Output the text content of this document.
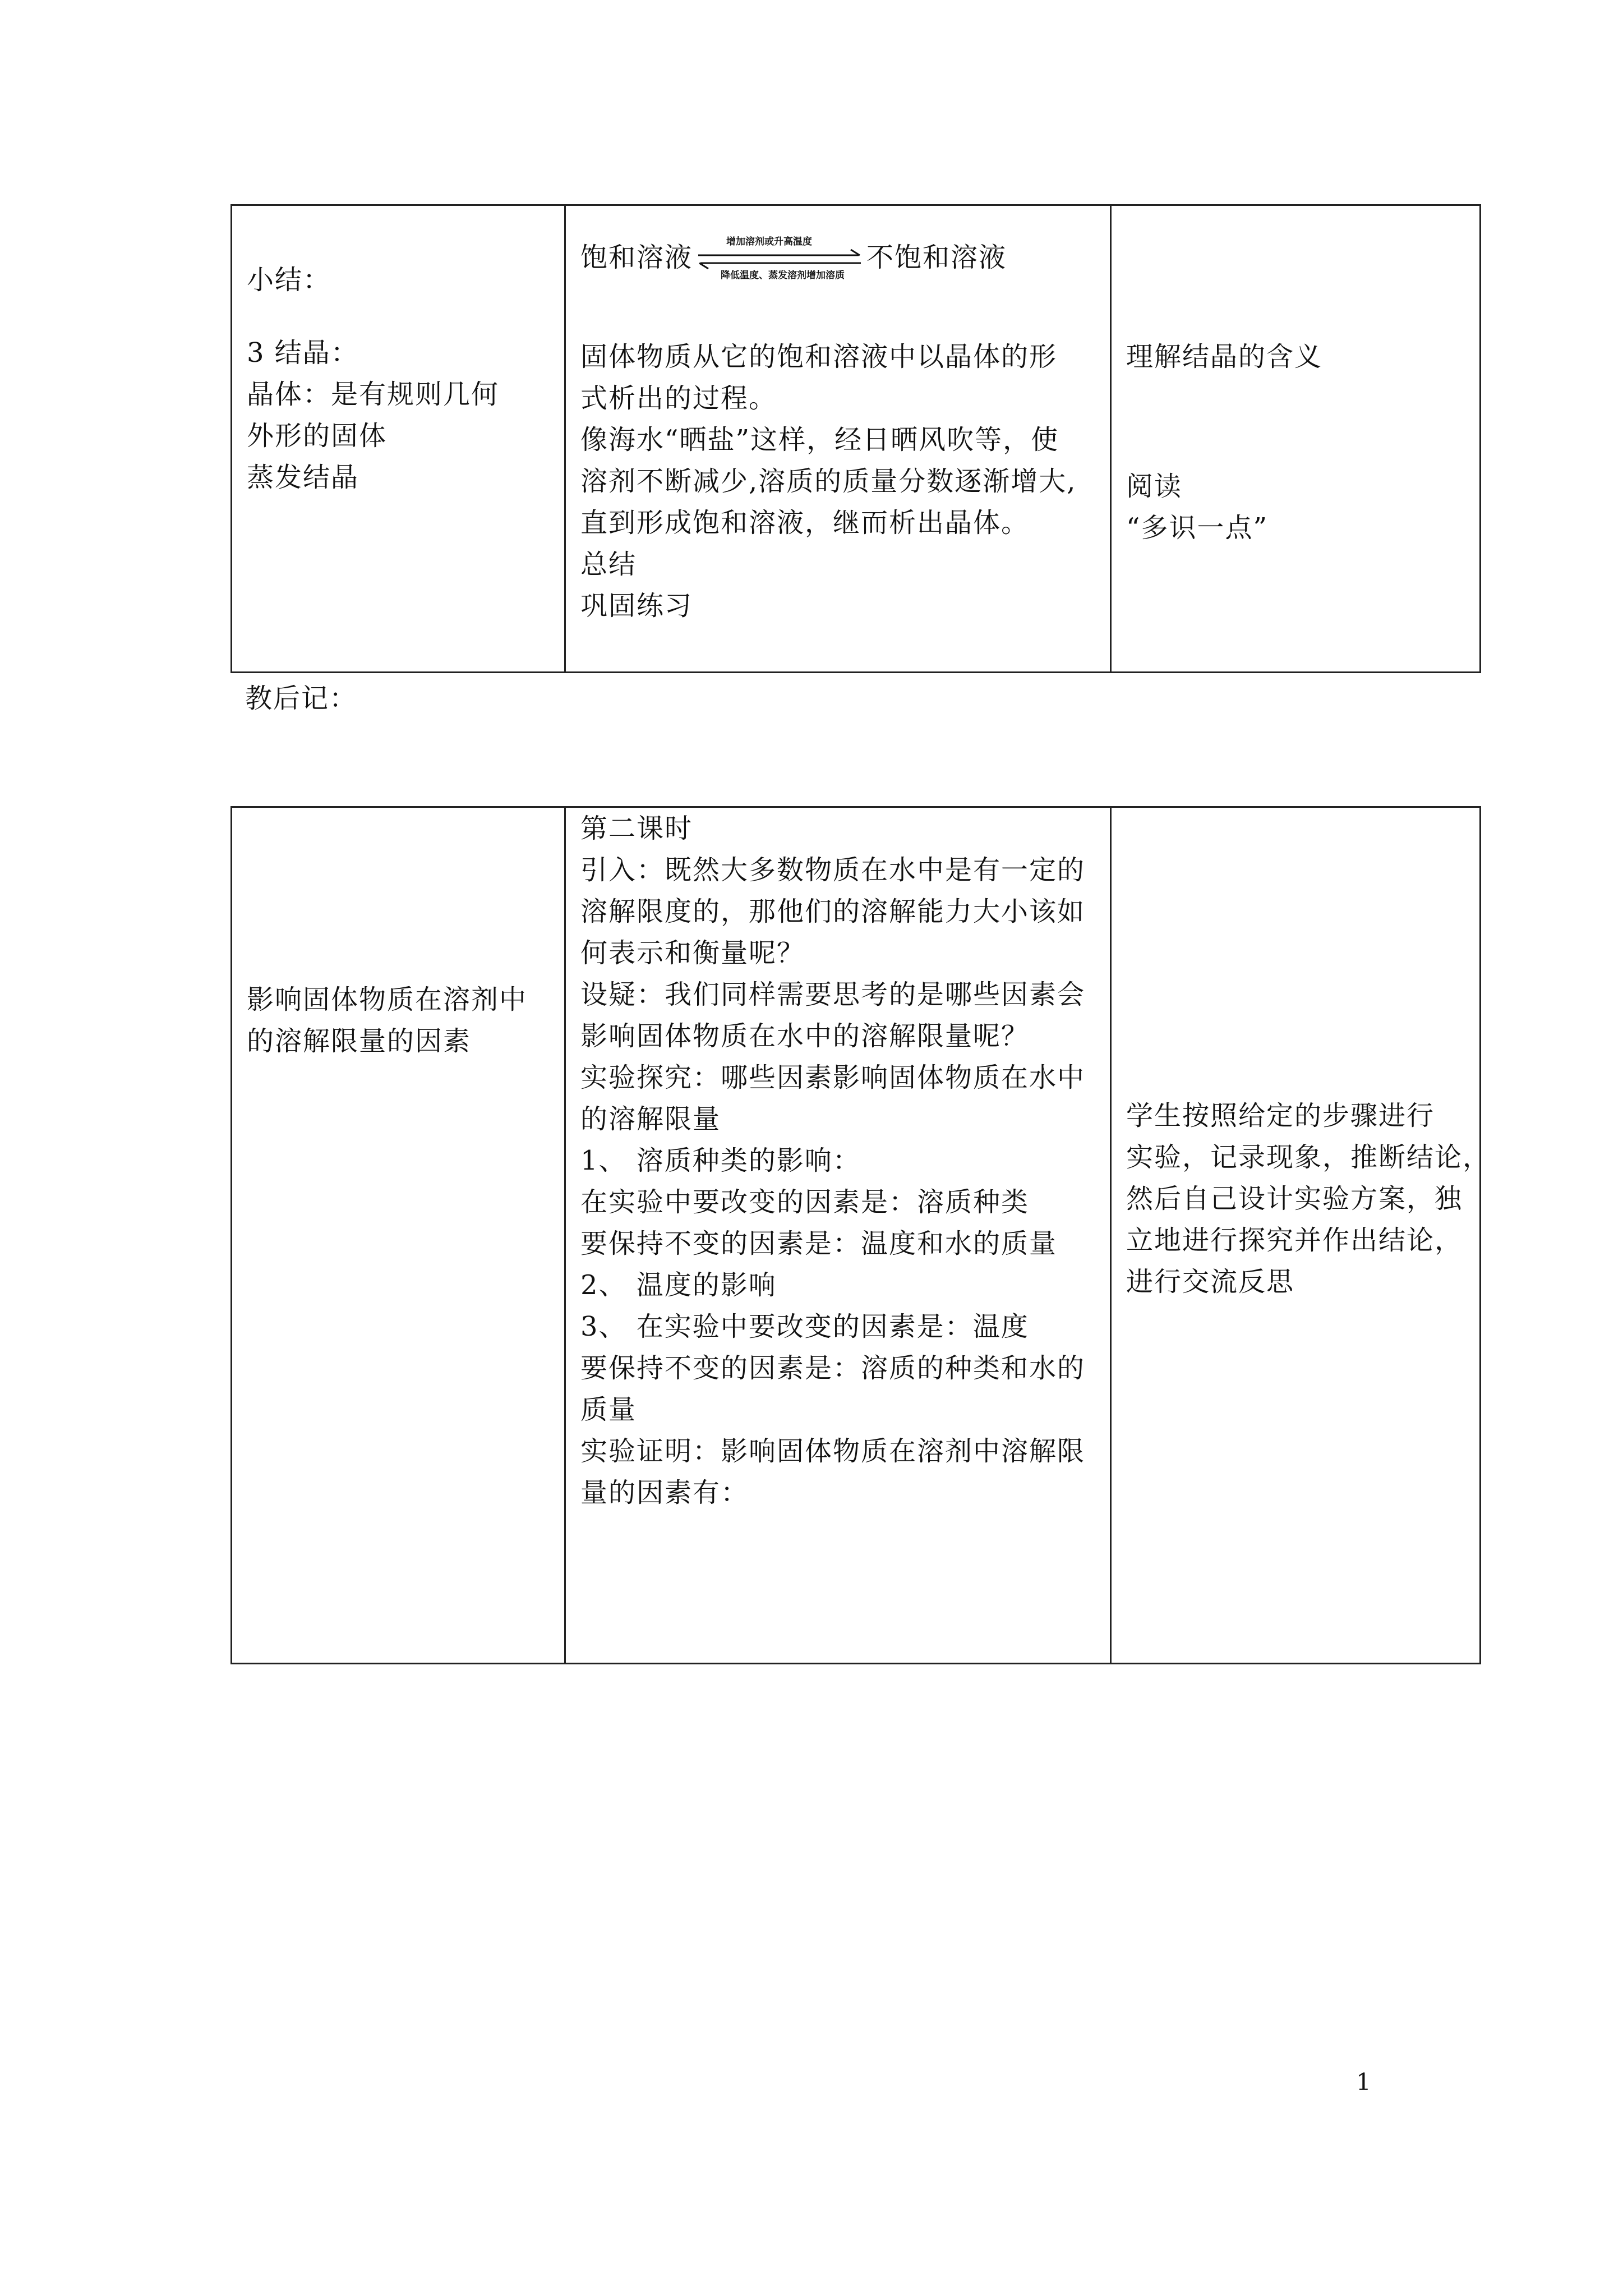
小结：
3 结晶：
晶体：是有规则几何
外形的固体
蒸发结晶

饱和溶液	增加溶剂或升高温度
降低温度、蒸发溶剂增加溶质
不饱和溶液
固体物质从它的饱和溶液中以晶体的形
式析出的过程。
像海水“晒盐”这样，经日晒风吹等，使
溶剂不断减少,溶质的质量分数逐渐增大,
直到形成饱和溶液，继而析出晶体。
总结
巩固练习

理解结晶的含义
阅读
“多识一点”
教后记：
影响固体物质在溶剂中
的溶解限量的因素

第二课时
引入：既然大多数物质在水中是有一定的
溶解限度的，那他们的溶解能力大小该如
何表示和衡量呢？
设疑：我们同样需要思考的是哪些因素会
影响固体物质在水中的溶解限量呢？
实验探究：哪些因素影响固体物质在水中
的溶解限量
1、 溶质种类的影响：
在实验中要改变的因素是：溶质种类
要保持不变的因素是：温度和水的质量
2、 温度的影响
3、 在实验中要改变的因素是：温度
要保持不变的因素是：溶质的种类和水的
质量
实验证明：影响固体物质在溶剂中溶解限
量的因素有：

学生按照给定的步骤进行
实验，记录现象，推断结论，
然后自己设计实验方案，独
立地进行探究并作出结论，
进行交流反思
1
